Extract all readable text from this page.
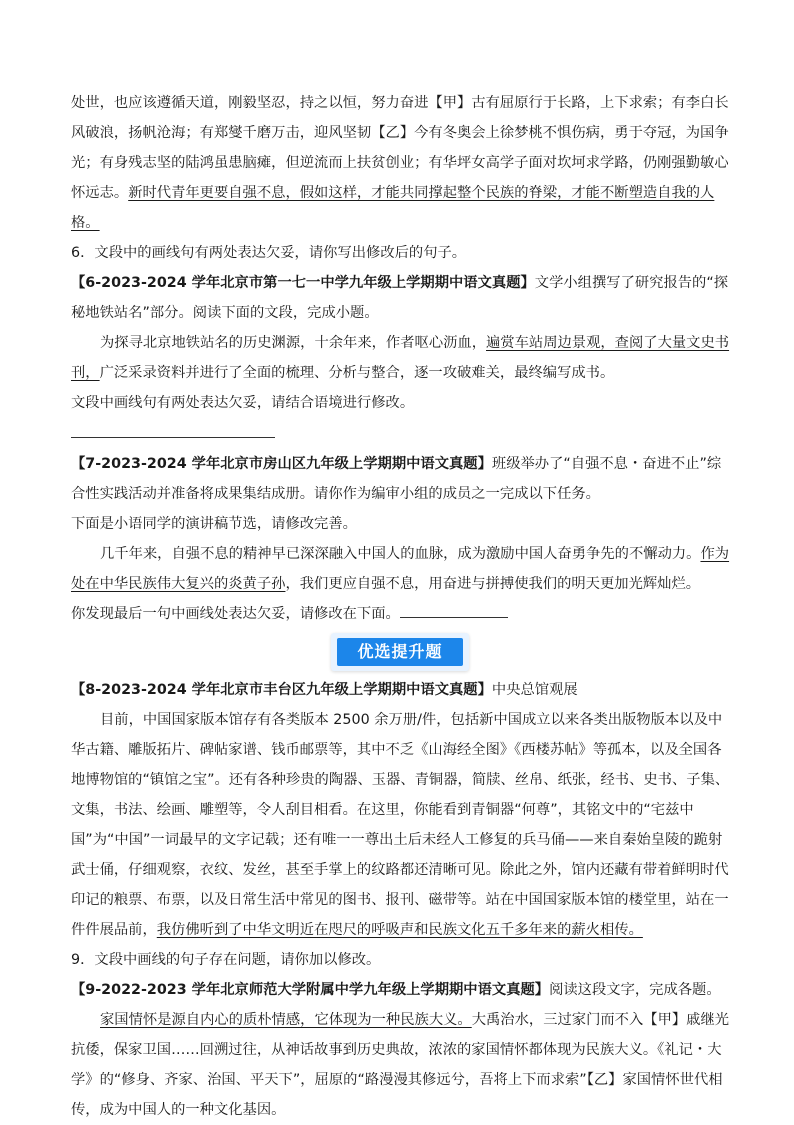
处世，也应该遵循天道，刚毅坚忍，持之以恒，努力奋进【甲】古有屈原行于长路，上下求索；有李白长风破浪，扬帆沧海；有郑燮千磨万击，迎风坚韧【乙】今有冬奥会上徐梦桃不惧伤病，勇于夺冠，为国争光；有身残志坚的陆鸿虽患脑瘫，但逆流而上扶贫创业；有华坪女高学子面对坎坷求学路，仍刚强勤敏心怀远志。新时代青年更要自强不息，假如这样，才能共同撑起整个民族的脊梁，才能不断塑造自我的人格。

6．文段中的画线句有两处表达欠妥，请你写出修改后的句子。

【6-2023-2024 学年北京市第一七一中学九年级上学期期中语文真题】文学小组撰写了研究报告的“探秘地铁站名”部分。阅读下面的文段，完成小题。

为探寻北京地铁站名的历史渊源，十余年来，作者呕心沥血，遍赏车站周边景观，查阅了大量文史书刊，广泛采录资料并进行了全面的梳理、分析与整合，逐一攻破难关，最终编写成书。

文段中画线句有两处表达欠妥，请结合语境进行修改。

【7-2023-2024 学年北京市房山区九年级上学期期中语文真题】班级举办了“自强不息・奋进不止”综合性实践活动并准备将成果集结成册。请你作为编审小组的成员之一完成以下任务。

下面是小语同学的演讲稿节选，请修改完善。

几千年来，自强不息的精神早已深深融入中国人的血脉，成为激励中国人奋勇争先的不懈动力。作为处在中华民族伟大复兴的炎黄子孙，我们更应自强不息，用奋进与拼搏使我们的明天更加光辉灿烂。

你发现最后一句中画线处表达欠妥，请修改在下面。

优选提升题

【8-2023-2024 学年北京市丰台区九年级上学期期中语文真题】中央总馆观展

目前，中国国家版本馆存有各类版本 2500 余万册/件，包括新中国成立以来各类出版物版本以及中华古籍、雕版拓片、碑帖家谱、钱币邮票等，其中不乏《山海经全图》《西楼苏帖》等孤本，以及全国各地博物馆的“镇馆之宝”。还有各种珍贵的陶器、玉器、青铜器，简牍、丝帛、纸张，经书、史书、子集、文集，书法、绘画、雕塑等，令人刮目相看。在这里，你能看到青铜器“何尊”，其铭文中的“宅兹中国”为“中国”一词最早的文字记载；还有唯一一尊出土后未经人工修复的兵马俑——来自秦始皇陵的跪射武士俑，仔细观察，衣纹、发丝，甚至手掌上的纹路都还清晰可见。除此之外，馆内还藏有带着鲜明时代印记的粮票、布票，以及日常生活中常见的图书、报刊、磁带等。站在中国国家版本馆的楼堂里，站在一件件展品前，我仿佛听到了中华文明近在咫尺的呼吸声和民族文化五千多年来的薪火相传。

9．文段中画线的句子存在问题，请你加以修改。

【9-2022-2023 学年北京师范大学附属中学九年级上学期期中语文真题】阅读这段文字，完成各题。

家国情怀是源自内心的质朴情感，它体现为一种民族大义。大禹治水，三过家门而不入【甲】戚继光抗倭，保家卫国……回溯过往，从神话故事到历史典故，浓浓的家国情怀都体现为民族大义。《礼记・大学》的“修身、齐家、治国、平天下”，屈原的“路漫漫其修远兮，吾将上下而求索”【乙】家国情怀世代相传，成为中国人的一种文化基因。
